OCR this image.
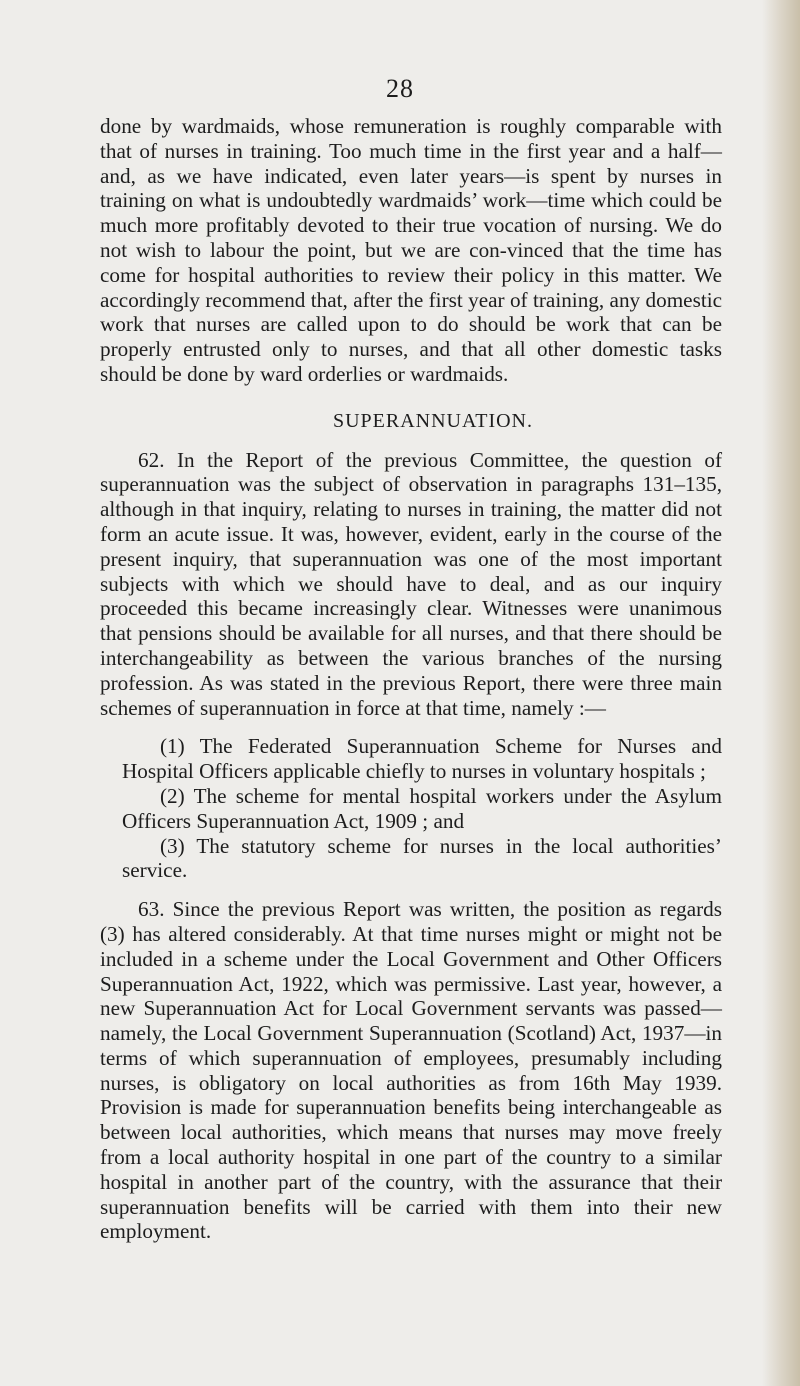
28

done by wardmaids, whose remuneration is roughly comparable with that of nurses in training. Too much time in the first year and a half—and, as we have indicated, even later years—is spent by nurses in training on what is undoubtedly wardmaids’ work—time which could be much more profitably devoted to their true vocation of nursing. We do not wish to labour the point, but we are con-vinced that the time has come for hospital authorities to review their policy in this matter. We accordingly recommend that, after the first year of training, any domestic work that nurses are called upon to do should be work that can be properly entrusted only to nurses, and that all other domestic tasks should be done by ward orderlies or wardmaids.

SUPERANNUATION.

62. In the Report of the previous Committee, the question of superannuation was the subject of observation in paragraphs 131–135, although in that inquiry, relating to nurses in training, the matter did not form an acute issue. It was, however, evident, early in the course of the present inquiry, that superannuation was one of the most important subjects with which we should have to deal, and as our inquiry proceeded this became increasingly clear. Witnesses were unanimous that pensions should be available for all nurses, and that there should be interchangeability as between the various branches of the nursing profession. As was stated in the previous Report, there were three main schemes of superannuation in force at that time, namely :—

(1) The Federated Superannuation Scheme for Nurses and Hospital Officers applicable chiefly to nurses in voluntary hospitals ;

(2) The scheme for mental hospital workers under the Asylum Officers Superannuation Act, 1909 ; and

(3) The statutory scheme for nurses in the local authorities’ service.

63. Since the previous Report was written, the position as regards (3) has altered considerably. At that time nurses might or might not be included in a scheme under the Local Government and Other Officers Superannuation Act, 1922, which was permissive. Last year, however, a new Superannuation Act for Local Government servants was passed—namely, the Local Government Superannuation (Scotland) Act, 1937—in terms of which superannuation of employees, presumably including nurses, is obligatory on local authorities as from 16th May 1939. Provision is made for superannuation benefits being interchangeable as between local authorities, which means that nurses may move freely from a local authority hospital in one part of the country to a similar hospital in another part of the country, with the assurance that their superannuation benefits will be carried with them into their new employment.
